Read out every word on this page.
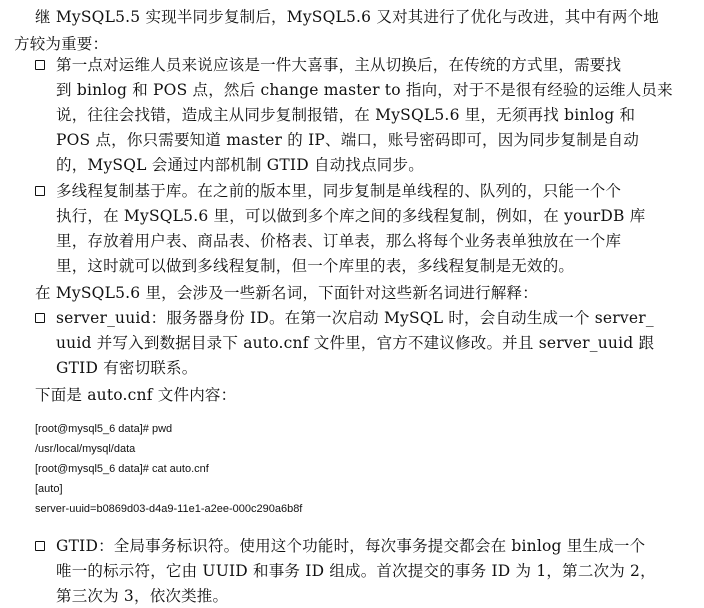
继 MySQL5.5 实现半同步复制后，MySQL5.6 又对其进行了优化与改进，其中有两个地
方较为重要：
第一点对运维人员来说应该是一件大喜事，主从切换后，在传统的方式里，需要找
到 binlog 和 POS 点，然后 change master to 指向，对于不是很有经验的运维人员来
说，往往会找错，造成主从同步复制报错，在 MySQL5.6 里，无须再找 binlog 和
POS 点，你只需要知道 master 的 IP、端口，账号密码即可，因为同步复制是自动
的，MySQL 会通过内部机制 GTID 自动找点同步。
多线程复制基于库。在之前的版本里，同步复制是单线程的、队列的，只能一个个
执行，在 MySQL5.6 里，可以做到多个库之间的多线程复制，例如，在 yourDB 库
里，存放着用户表、商品表、价格表、订单表，那么将每个业务表单独放在一个库
里，这时就可以做到多线程复制，但一个库里的表，多线程复制是无效的。
在 MySQL5.6 里，会涉及一些新名词，下面针对这些新名词进行解释：
server_uuid：服务器身份 ID。在第一次启动 MySQL 时，会自动生成一个 server_
uuid 并写入到数据目录下 auto.cnf 文件里，官方不建议修改。并且 server_uuid 跟
GTID 有密切联系。
下面是 auto.cnf 文件内容：
[root@mysql5_6 data]# pwd
/usr/local/mysql/data
[root@mysql5_6 data]# cat auto.cnf
[auto]
server-uuid=b0869d03-d4a9-11e1-a2ee-000c290a6b8f
GTID：全局事务标识符。使用这个功能时，每次事务提交都会在 binlog 里生成一个
唯一的标示符，它由 UUID 和事务 ID 组成。首次提交的事务 ID 为 1，第二次为 2，
第三次为 3，依次类推。
